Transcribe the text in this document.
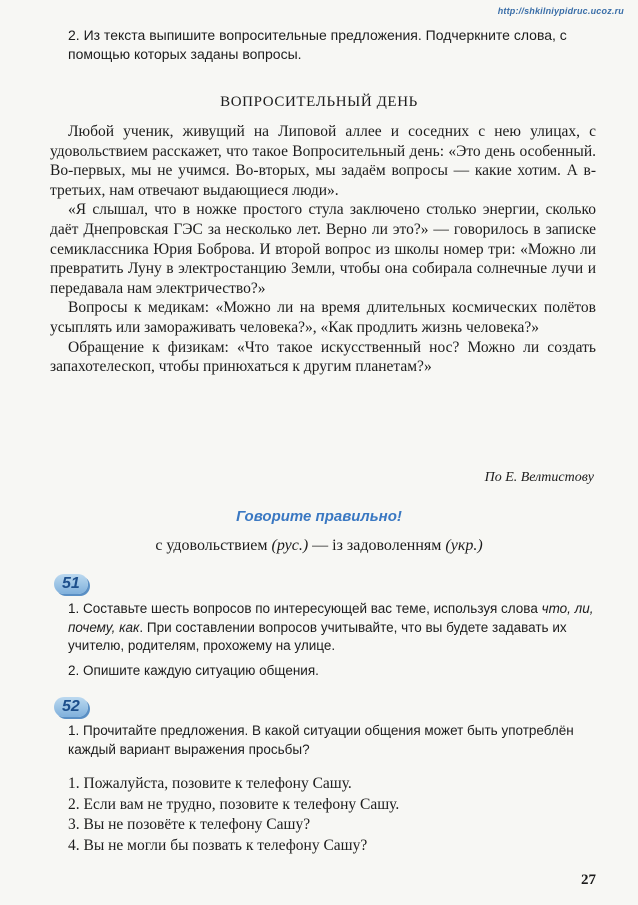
http://shkilniypidruc.ucoz.ru
2. Из текста выпишите вопросительные предложения. Подчеркните слова, с помощью которых заданы вопросы.
ВОПРОСИТЕЛЬНЫЙ ДЕНЬ

Любой ученик, живущий на Липовой аллее и соседних с нею улицах, с удовольствием расскажет, что такое Вопросительный день: «Это день особенный. Во-первых, мы не учимся. Во-вторых, мы задаём вопросы — какие хотим. А в-третьих, нам отвечают выдающиеся люди».

«Я слышал, что в ножке простого стула заключено столько энергии, сколько даёт Днепровская ГЭС за несколько лет. Верно ли это?» — говорилось в записке семиклассника Юрия Боброва. И второй вопрос из школы номер три: «Можно ли превратить Луну в электростанцию Земли, чтобы она собирала солнечные лучи и передавала нам электричество?»

Вопросы к медикам: «Можно ли на время длительных космических полётов усыплять или замораживать человека?», «Как продлить жизнь человека?»

Обращение к физикам: «Что такое искусственный нос? Можно ли создать запахотелескоп, чтобы принюхаться к другим планетам?»

По Е. Велтистову
Говорите правильно!
с удовольствием (рус.) — із задоволенням (укр.)
51

1. Составьте шесть вопросов по интересующей вас теме, используя слова что, ли, почему, как. При составлении вопросов учитывайте, что вы будете задавать их учителю, родителям, прохожему на улице.

2. Опишите каждую ситуацию общения.

52

1. Прочитайте предложения. В какой ситуации общения может быть употреблён каждый вариант выражения просьбы?

1. Пожалуйста, позовите к телефону Сашу.
2. Если вам не трудно, позовите к телефону Сашу.
3. Вы не позовёте к телефону Сашу?
4. Вы не могли бы позвать к телефону Сашу?
27
